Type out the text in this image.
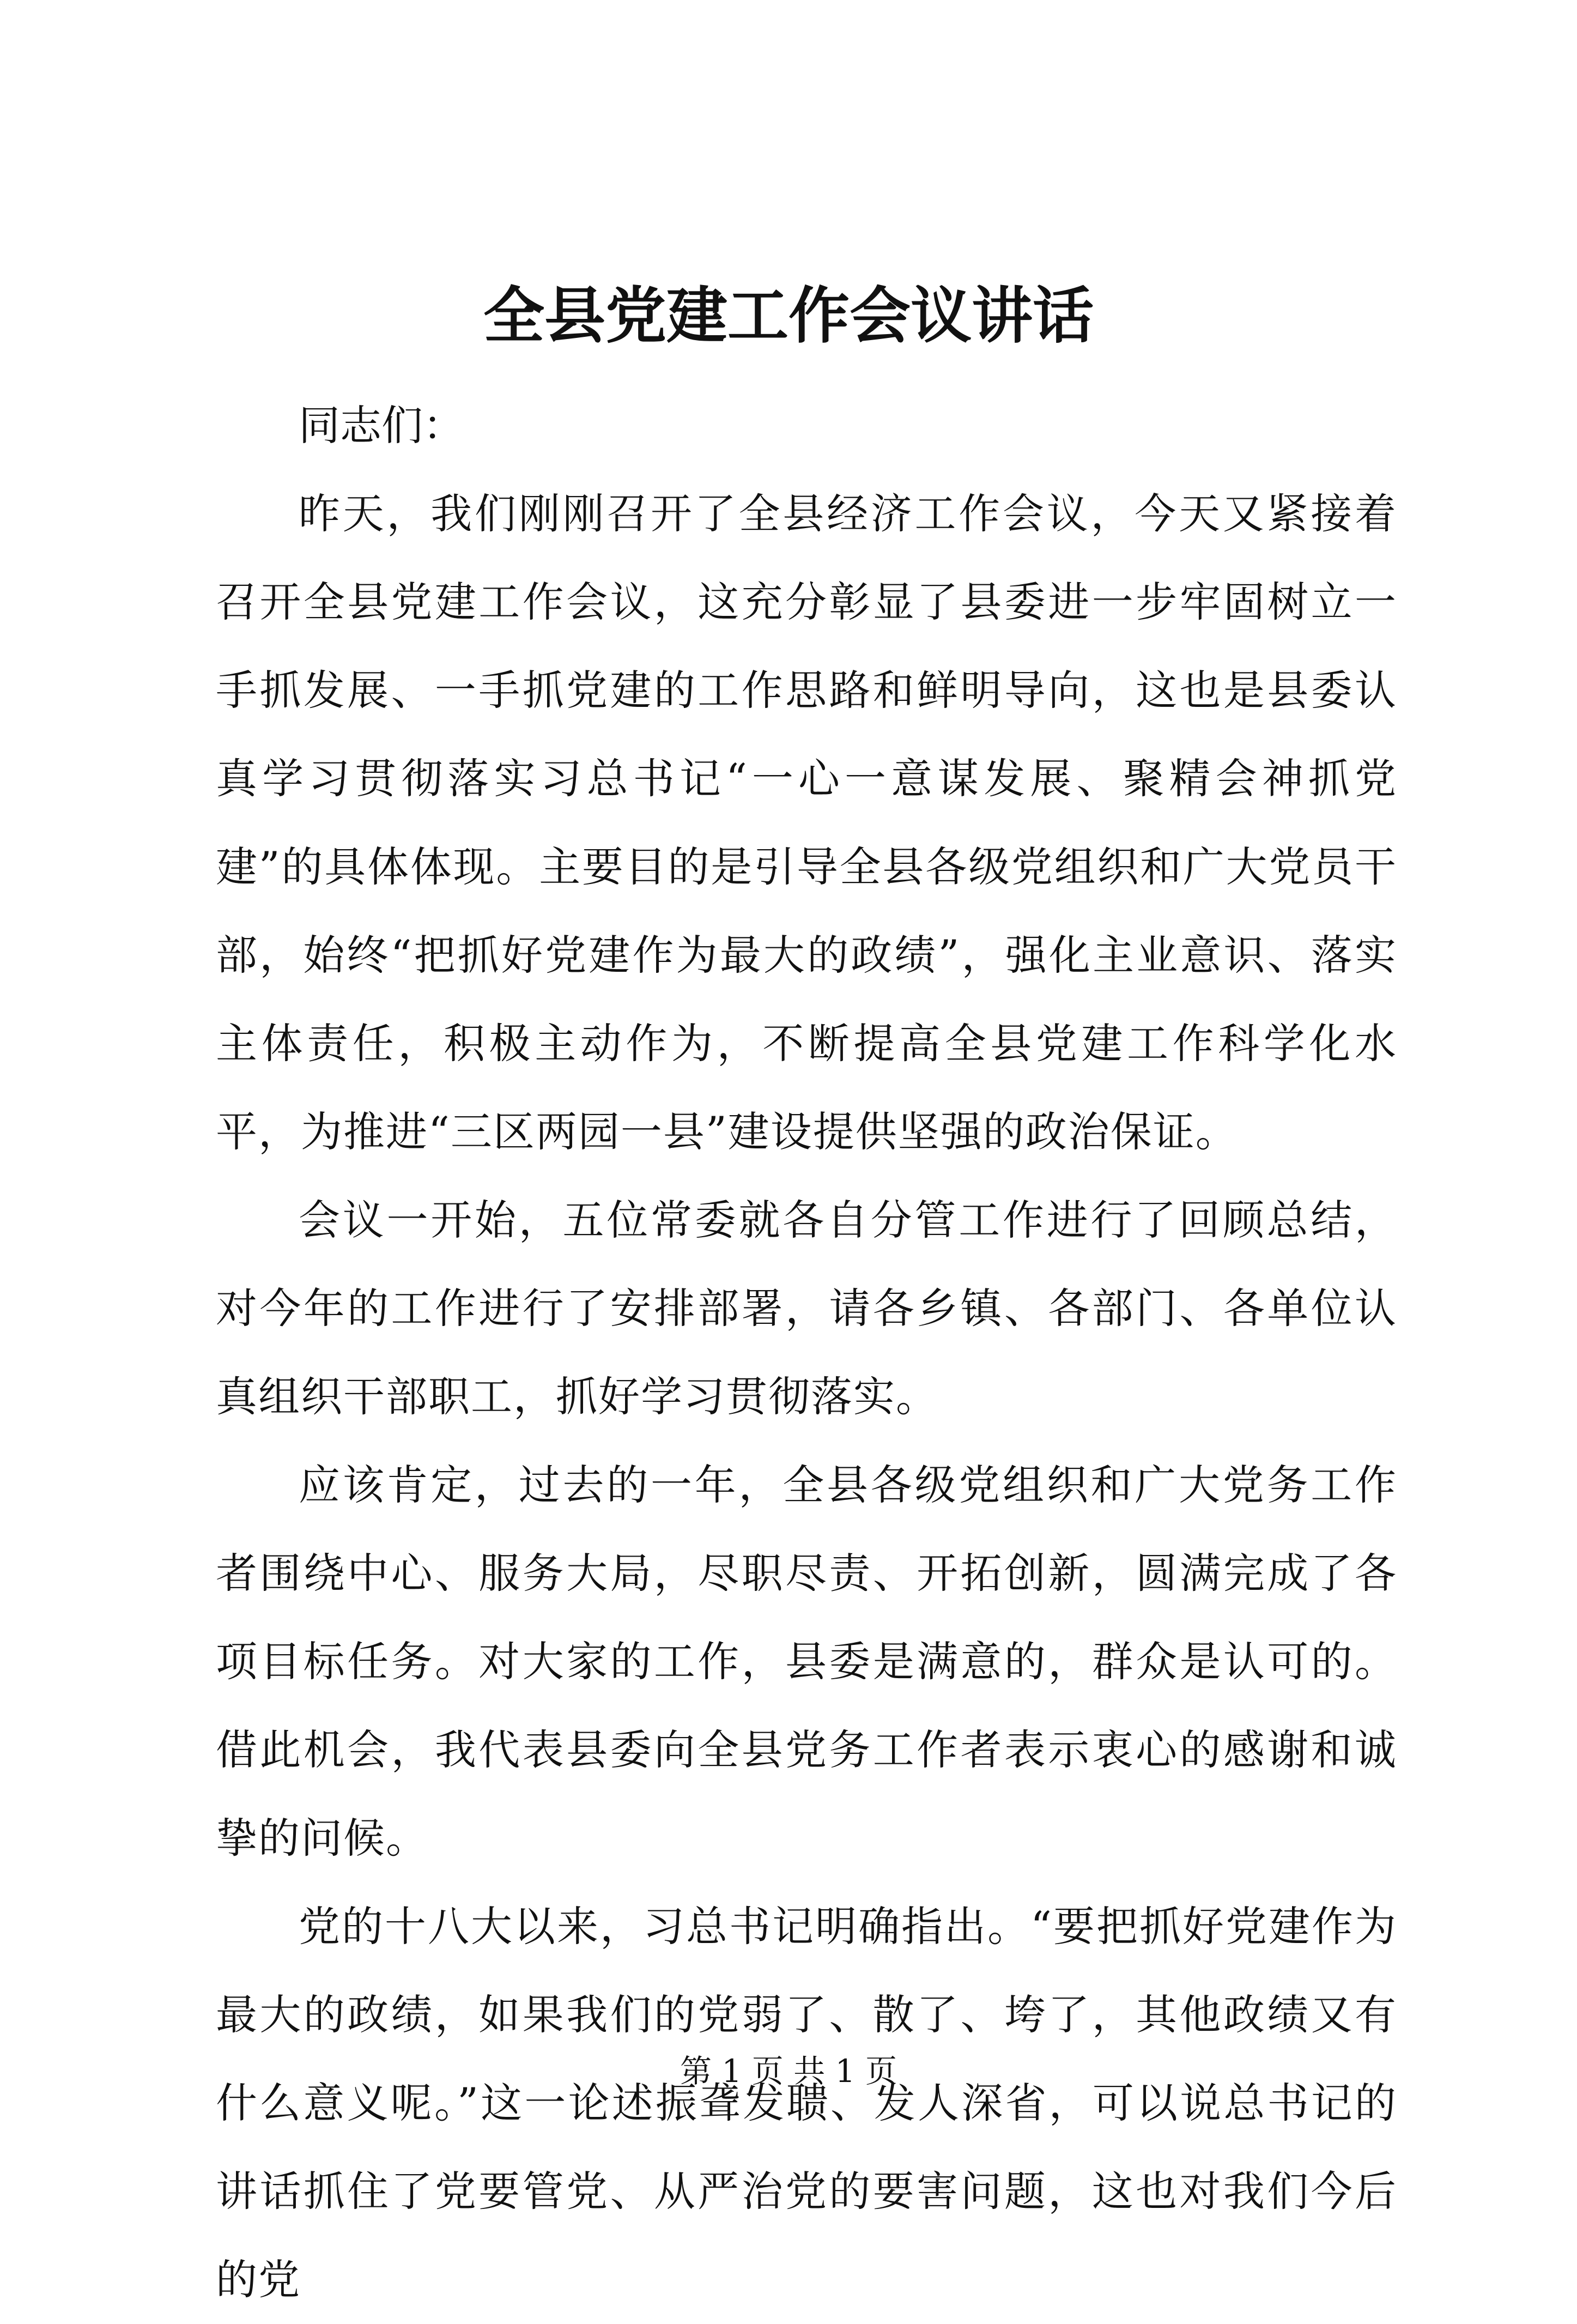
全县党建工作会议讲话

同志们：

昨天，我们刚刚召开了全县经济工作会议，今天又紧接着召开全县党建工作会议，这充分彰显了县委进一步牢固树立一手抓发展、一手抓党建的工作思路和鲜明导向，这也是县委认真学习贯彻落实习总书记“一心一意谋发展、聚精会神抓党建”的具体体现。主要目的是引导全县各级党组织和广大党员干部，始终“把抓好党建作为最大的政绩”，强化主业意识、落实主体责任，积极主动作为，不断提高全县党建工作科学化水平，为推进“三区两园一县”建设提供坚强的政治保证。

会议一开始，五位常委就各自分管工作进行了回顾总结，对今年的工作进行了安排部署，请各乡镇、各部门、各单位认真组织干部职工，抓好学习贯彻落实。

应该肯定，过去的一年，全县各级党组织和广大党务工作者围绕中心、服务大局，尽职尽责、开拓创新，圆满完成了各项目标任务。对大家的工作，县委是满意的，群众是认可的。借此机会，我代表县委向全县党务工作者表示衷心的感谢和诚挚的问候。

党的十八大以来，习总书记明确指出。“要把抓好党建作为最大的政绩，如果我们的党弱了、散了、垮了，其他政绩又有什么意义呢。”这一论述振聋发聩、发人深省，可以说总书记的讲话抓住了党要管党、从严治党的要害问题，这也对我们今后的党

第 1 页 共 1 页
